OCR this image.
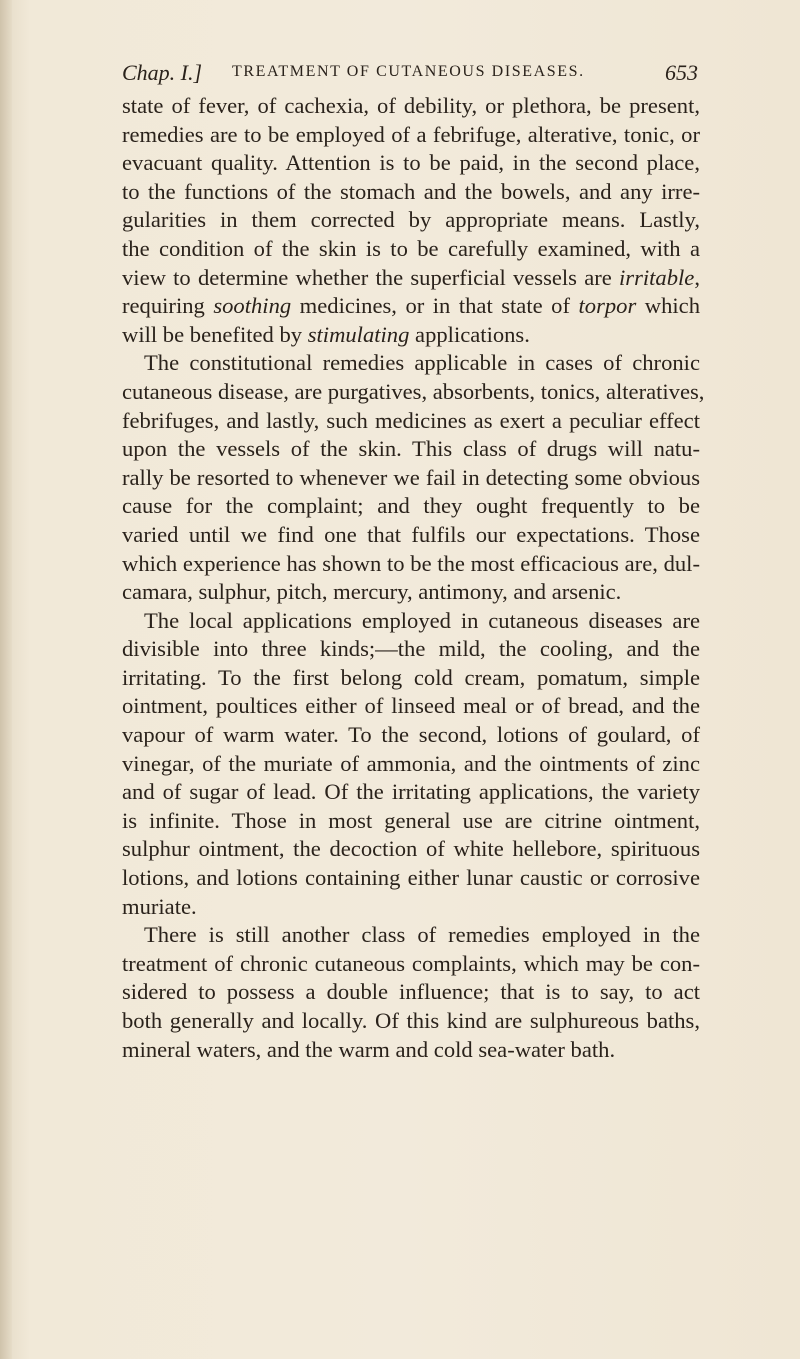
Chap. I.] TREATMENT OF CUTANEOUS DISEASES.	653
state of fever, of cachexia, of debility, or plethora, be present,
remedies are to be employed of a febrifuge, alterative, tonic, or
evacuant quality. Attention is to be paid, in the second place,
to the functions of the stomach and the bowels, and any irre-
gularities in them corrected by appropriate means. Lastly,
the condition of the skin is to be carefully examined, with a
view to determine whether the superficial vessels are irritable,
requiring soothing medicines, or in that state of torpor which
will be benefited by stimulating applications.
The constitutional remedies applicable in cases of chronic
cutaneous disease, are purgatives, absorbents, tonics, alteratives,
febrifuges, and lastly, such medicines as exert a peculiar effect
upon the vessels of the skin. This class of drugs will natu-
rally be resorted to whenever we fail in detecting some obvious
cause for the complaint; and they ought frequently to be
varied until we find one that fulfils our expectations. Those
which experience has shown to be the most efficacious are, dul-
camara, sulphur, pitch, mercury, antimony, and arsenic.
The local applications employed in cutaneous diseases are
divisible into three kinds;—the mild, the cooling, and the
irritating. To the first belong cold cream, pomatum, simple
ointment, poultices either of linseed meal or of bread, and the
vapour of warm water. To the second, lotions of goulard, of
vinegar, of the muriate of ammonia, and the ointments of zinc
and of sugar of lead. Of the irritating applications, the variety
is infinite. Those in most general use are citrine ointment,
sulphur ointment, the decoction of white hellebore, spirituous
lotions, and lotions containing either lunar caustic or corrosive
muriate.
There is still another class of remedies employed in the
treatment of chronic cutaneous complaints, which may be con-
sidered to possess a double influence; that is to say, to act
both generally and locally. Of this kind are sulphureous baths,
mineral waters, and the warm and cold sea-water bath.
